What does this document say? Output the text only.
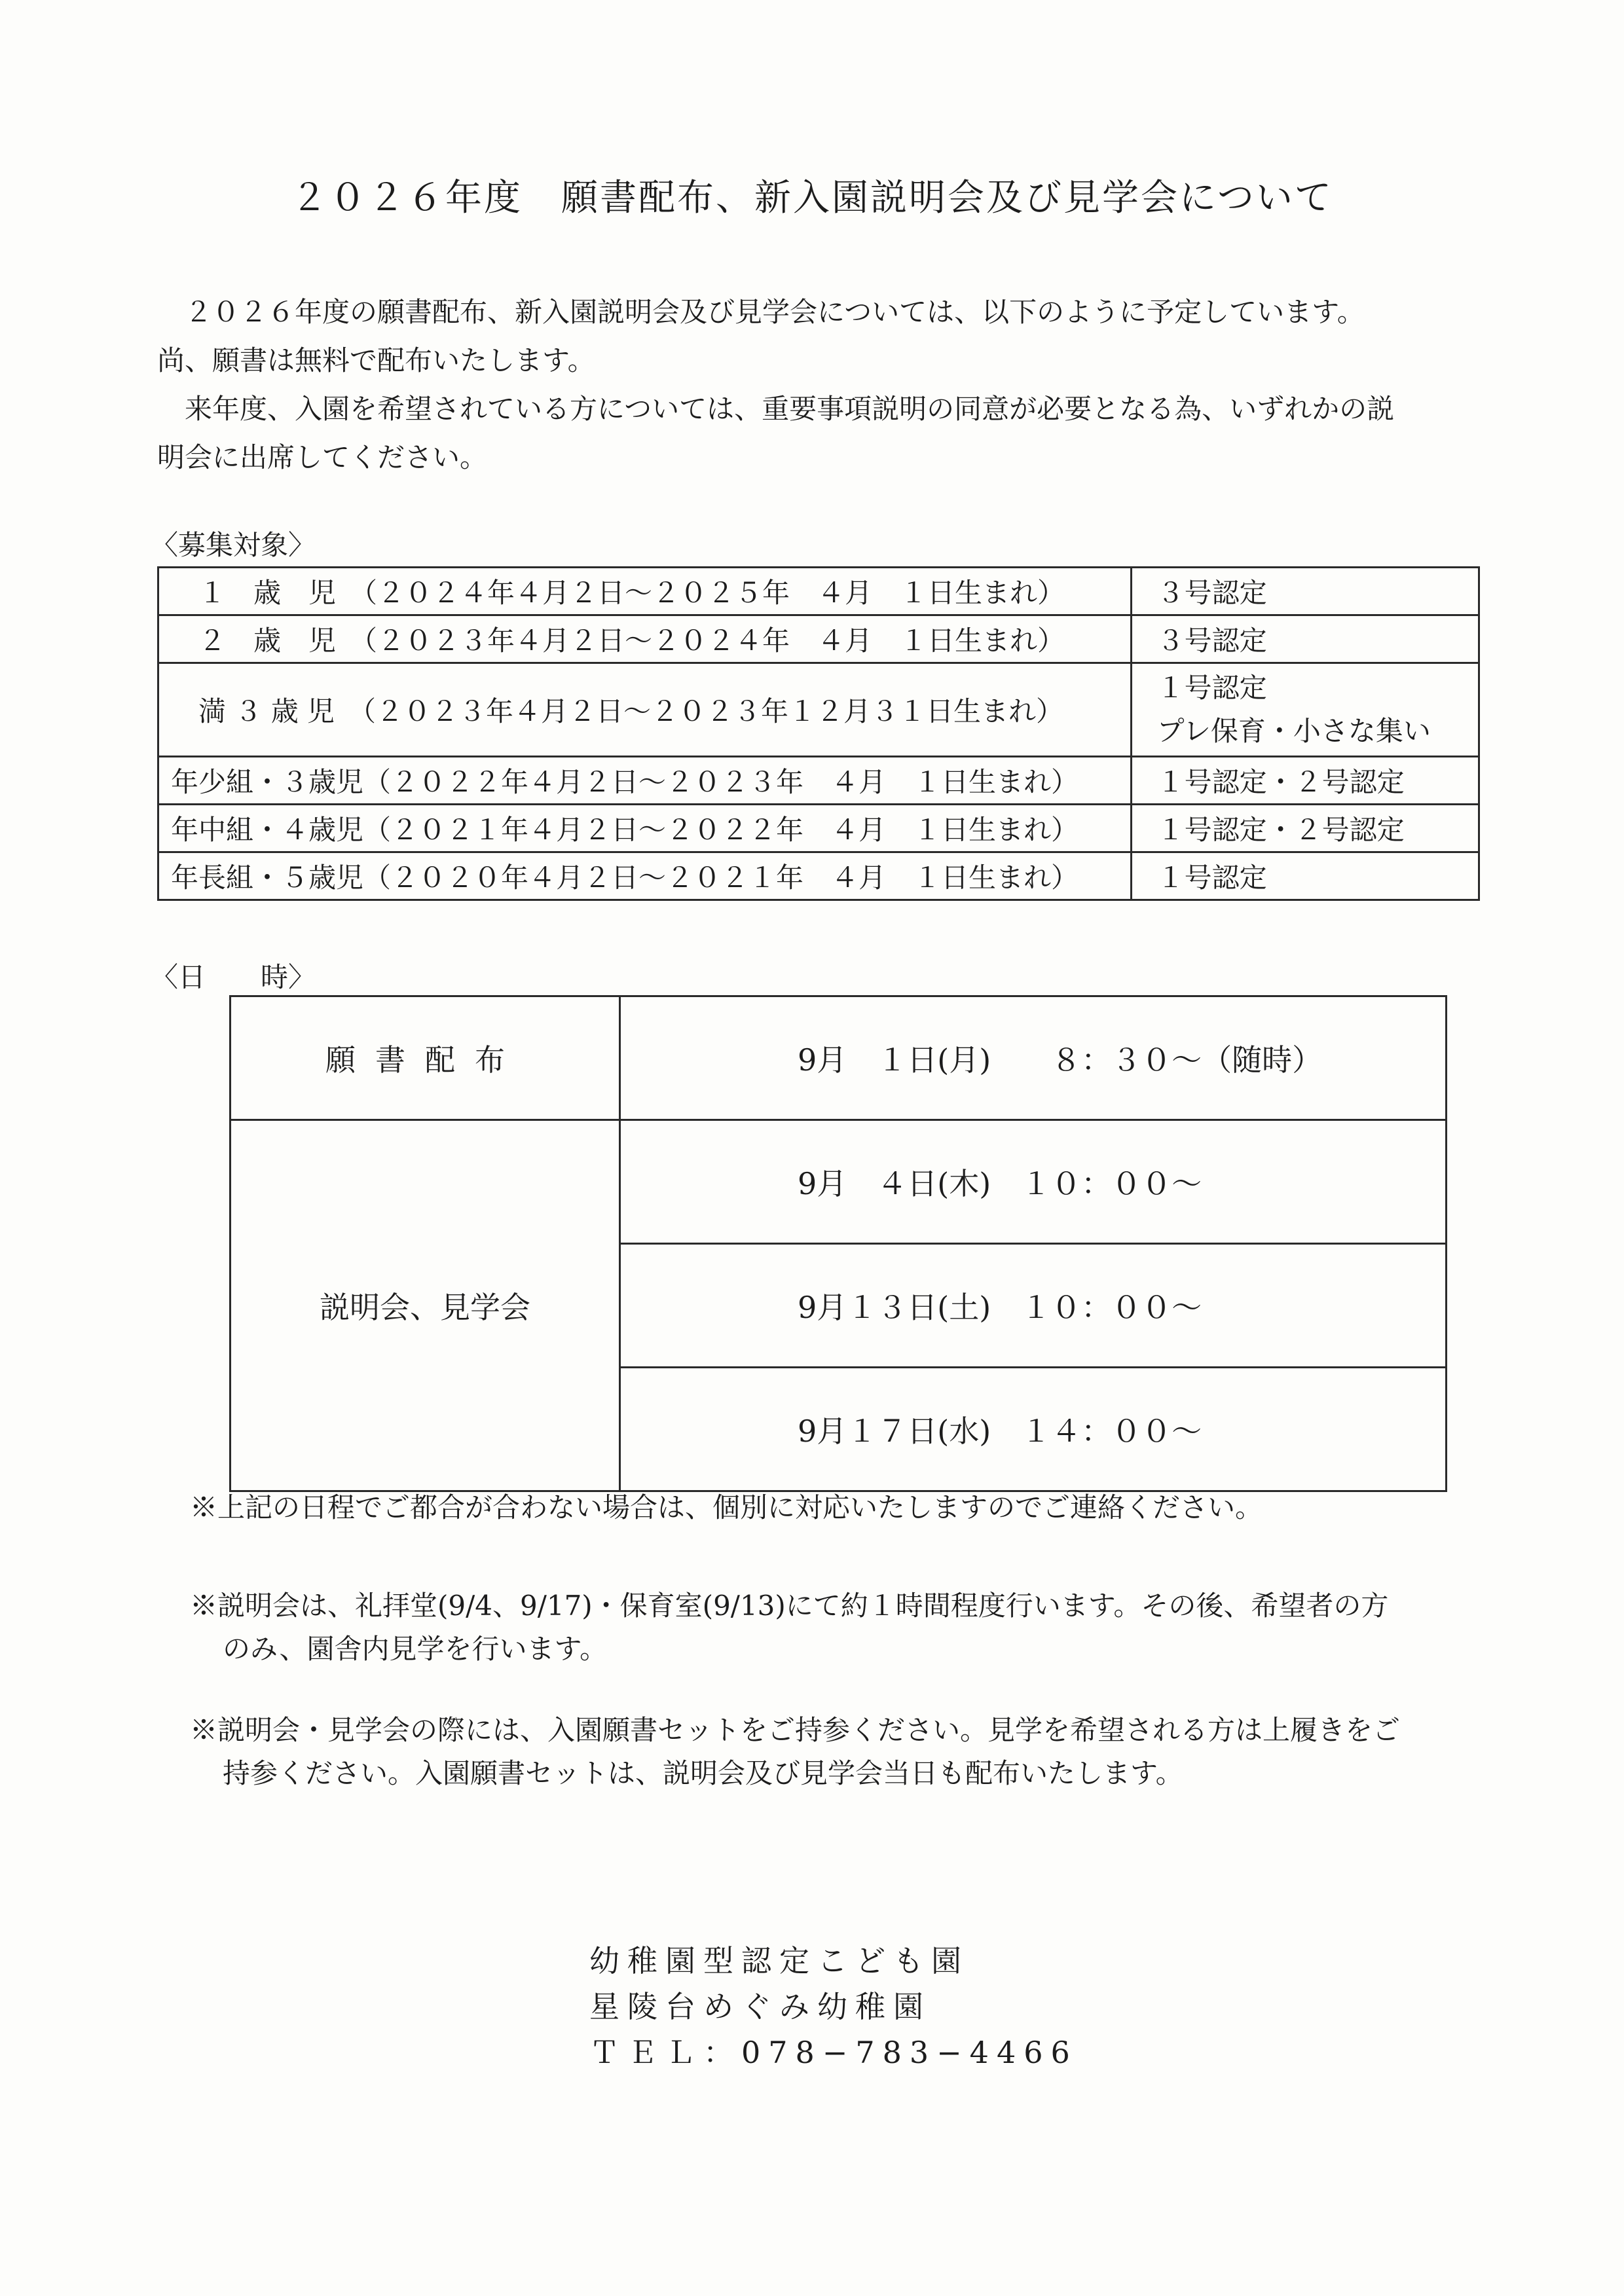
２０２６年度　願書配布、新入園説明会及び見学会について

２０２６年度の願書配布、新入園説明会及び見学会については、以下のように予定しています。

尚、願書は無料で配布いたします。

来年度、入園を希望されている方については、重要事項説明の同意が必要となる為、いずれかの説

明会に出席してください。

〈募集対象〉
　１　歳　児　（２０２４年４月２日～２０２５年　４月　１日生まれ）	３号認定
　２　歳　児　（２０２３年４月２日～２０２４年　４月　１日生まれ）	３号認定
　満 ３ 歳 児　（２０２３年４月２日～２０２３年１２月３１日生まれ）	１号認定
プレ保育・小さな集い

年少組・３歳児（２０２２年４月２日～２０２３年　４月　１日生まれ）	１号認定・２号認定
年中組・４歳児（２０２１年４月２日～２０２２年　４月　１日生まれ）	１号認定・２号認定
年長組・５歳児（２０２０年４月２日～２０２１年　４月　１日生まれ）	１号認定
〈日　　時〉
願書配布	9月　１日(月)　　８：３０～（随時）
説明会、見学会	9月　４日(木)　１０：００～
	9月１３日(土)　１０：００～
	9月１７日(水)　１４：００～

※上記の日程でご都合が合わない場合は、個別に対応いたしますのでご連絡ください。

※説明会は、礼拝堂(9/4、9/17)・保育室(9/13)にて約１時間程度行います。その後、希望者の方
のみ、園舎内見学を行います。

※説明会・見学会の際には、入園願書セットをご持参ください。見学を希望される方は上履きをご
持参ください。入園願書セットは、説明会及び見学会当日も配布いたします。

幼稚園型認定こども園
星陵台めぐみ幼稚園
ＴＥＬ：078−783−4466
